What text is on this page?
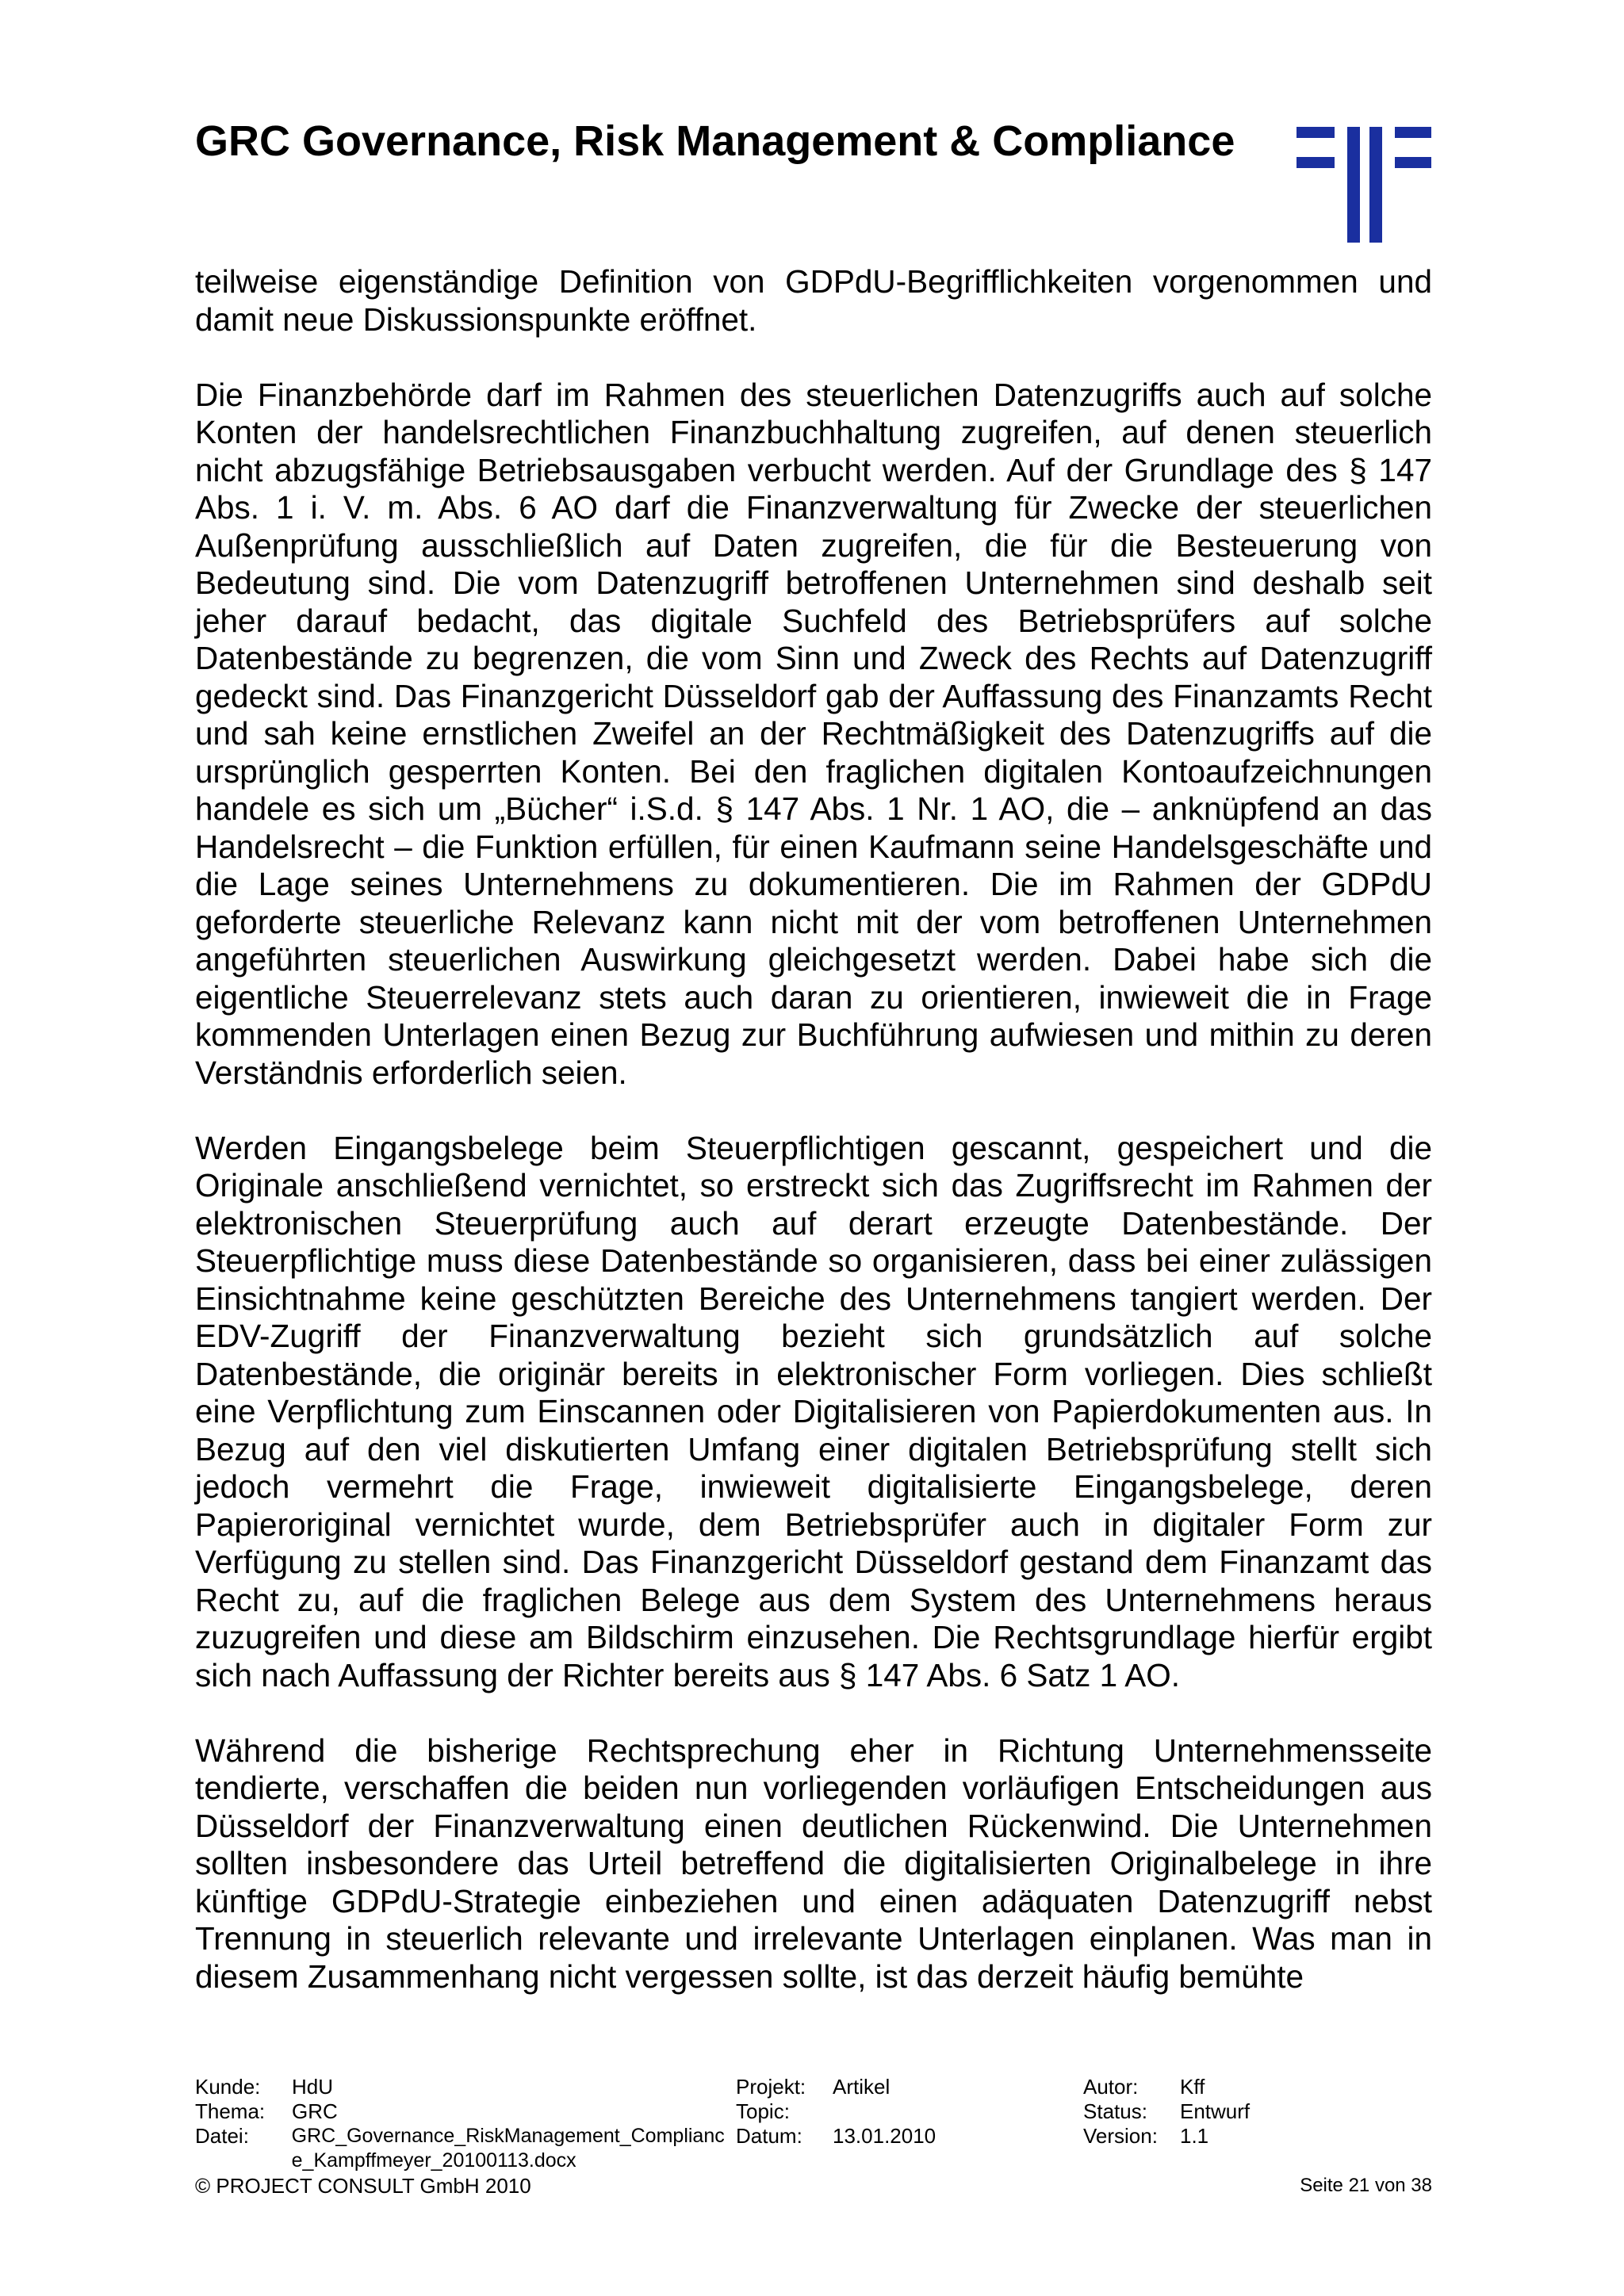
GRC Governance, Risk Management & Compliance

teilweise eigenständige Definition von GDPdU-Begrifflichkeiten vorgenommen und damit neue Diskussionspunkte eröffnet.

Die Finanzbehörde darf im Rahmen des steuerlichen Datenzugriffs auch auf solche Konten der handelsrechtlichen Finanzbuchhaltung zugreifen, auf denen steuerlich nicht abzugsfähige Betriebsausgaben verbucht werden. Auf der Grundlage des § 147 Abs. 1 i. V. m. Abs. 6 AO darf die Finanzverwaltung für Zwecke der steuerlichen Außenprüfung ausschließlich auf Daten zugreifen, die für die Besteuerung von Bedeutung sind. Die vom Datenzugriff betroffenen Unternehmen sind deshalb seit jeher darauf bedacht, das digitale Suchfeld des Betriebsprüfers auf solche Datenbestände zu begrenzen, die vom Sinn und Zweck des Rechts auf Datenzugriff gedeckt sind. Das Finanzgericht Düsseldorf gab der Auffassung des Finanzamts Recht und sah keine ernstlichen Zweifel an der Rechtmäßigkeit des Datenzugriffs auf die ursprünglich gesperrten Konten. Bei den fraglichen digitalen Kontoaufzeichnungen handele es sich um „Bücher“ i.S.d. § 147 Abs. 1 Nr. 1 AO, die – anknüpfend an das Handelsrecht – die Funktion erfüllen, für einen Kaufmann seine Handelsgeschäfte und die Lage seines Unternehmens zu dokumentieren. Die im Rahmen der GDPdU geforderte steuerliche Relevanz kann nicht mit der vom betroffenen Unternehmen angeführten steuerlichen Auswirkung gleichgesetzt werden. Dabei habe sich die eigentliche Steuerrelevanz stets auch daran zu orientieren, inwieweit die in Frage kommenden Unterlagen einen Bezug zur Buchführung aufwiesen und mithin zu deren Verständnis erforderlich seien.

Werden Eingangsbelege beim Steuerpflichtigen gescannt, gespeichert und die Originale anschließend vernichtet, so erstreckt sich das Zugriffsrecht im Rahmen der elektronischen Steuerprüfung auch auf derart erzeugte Datenbestände. Der Steuerpflichtige muss diese Datenbestände so organisieren, dass bei einer zulässigen Einsichtnahme keine geschützten Bereiche des Unternehmens tangiert werden. Der EDV-Zugriff der Finanzverwaltung bezieht sich grundsätzlich auf solche Datenbestände, die originär bereits in elektronischer Form vorliegen. Dies schließt eine Verpflichtung zum Einscannen oder Digitalisieren von Papierdokumenten aus. In Bezug auf den viel diskutierten Umfang einer digitalen Betriebsprüfung stellt sich jedoch vermehrt die Frage, inwieweit digitalisierte Eingangsbelege, deren Papieroriginal vernichtet wurde, dem Betriebsprüfer auch in digitaler Form zur Verfügung zu stellen sind. Das Finanzgericht Düsseldorf gestand dem Finanzamt das Recht zu, auf die fraglichen Belege aus dem System des Unternehmens heraus zuzugreifen und diese am Bildschirm einzusehen. Die Rechtsgrundlage hierfür ergibt sich nach Auffassung der Richter bereits aus § 147 Abs. 6 Satz 1 AO.

Während die bisherige Rechtsprechung eher in Richtung Unternehmensseite tendierte, verschaffen die beiden nun vorliegenden vorläufigen Entscheidungen aus Düsseldorf der Finanzverwaltung einen deutlichen Rückenwind. Die Unternehmen sollten insbesondere das Urteil betreffend die digitalisierten Originalbelege in ihre künftige GDPdU-Strategie einbeziehen und einen adäquaten Datenzugriff nebst Trennung in steuerlich relevante und irrelevante Unterlagen einplanen. Was man in diesem Zusammenhang nicht vergessen sollte, ist das derzeit häufig bemühte

Kunde:	HdU
Thema:	GRC
Datei:	GRC_Governance_RiskManagement_Compliance_Kampffmeyer_20100113.docx
Projekt:	Artikel
Topic:
Datum:	13.01.2010
Autor:	Kff
Status:	Entwurf
Version:	1.1
© PROJECT CONSULT GmbH 2010	Seite 21 von 38
